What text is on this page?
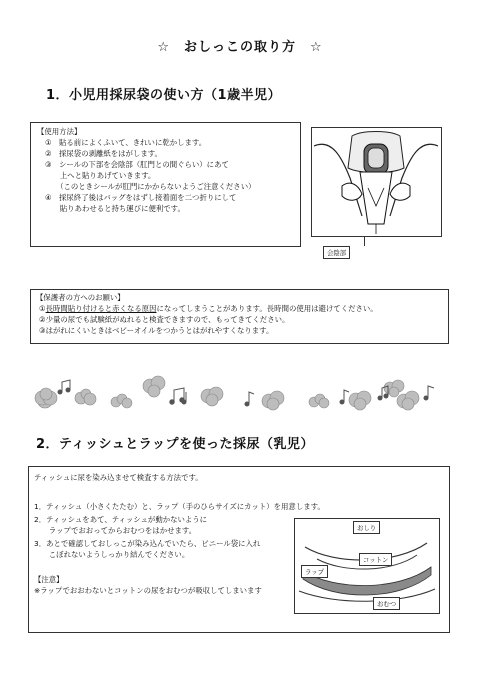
☆　おしっこの取り方　☆
1．小児用採尿袋の使い方（1歳半児）
【使用方法】
①　貼る前によくふいて、きれいに乾かします。
②　採尿袋の剥離紙をはがします。
③　シールの下部を会陰部（肛門との間ぐらい）にあて
　　上へと貼りあげていきます。
　　（このときシールが肛門にかからないようご注意ください）
④　採尿終了後はバッグをはずし接着面を二つ折りにして
　　貼りあわせると持ち運びに便利です。
会陰部
【保護者の方へのお願い】
①長時間貼り付けると赤くなる原因になってしまうことがあります。長時間の使用は避けてください。
②少量の尿でも試験紙がぬれると検査できますので、もってきてください。
③はがれにくいときはベビーオイルをつかうとはがれやすくなります。
2．ティッシュとラップを使った採尿（乳児）
ティッシュに尿を染み込ませて検査する方法です。
1．ティッシュ（小さくたたむ）と、ラップ（手のひらサイズにカット）を用意します。
2．ティッシュをあて、ティッシュが動かないように
　　ラップでおおってからおむつをはかせます。
3．あとで確認しておしっこが染み込んでいたら、ビニール袋に入れ
　　こぼれないようしっかり結んでください。
【注意】
※ラップでおおわないとコットンの尿をおむつが吸収してしまいます
おしり
コットン
ラップ
おむつ
